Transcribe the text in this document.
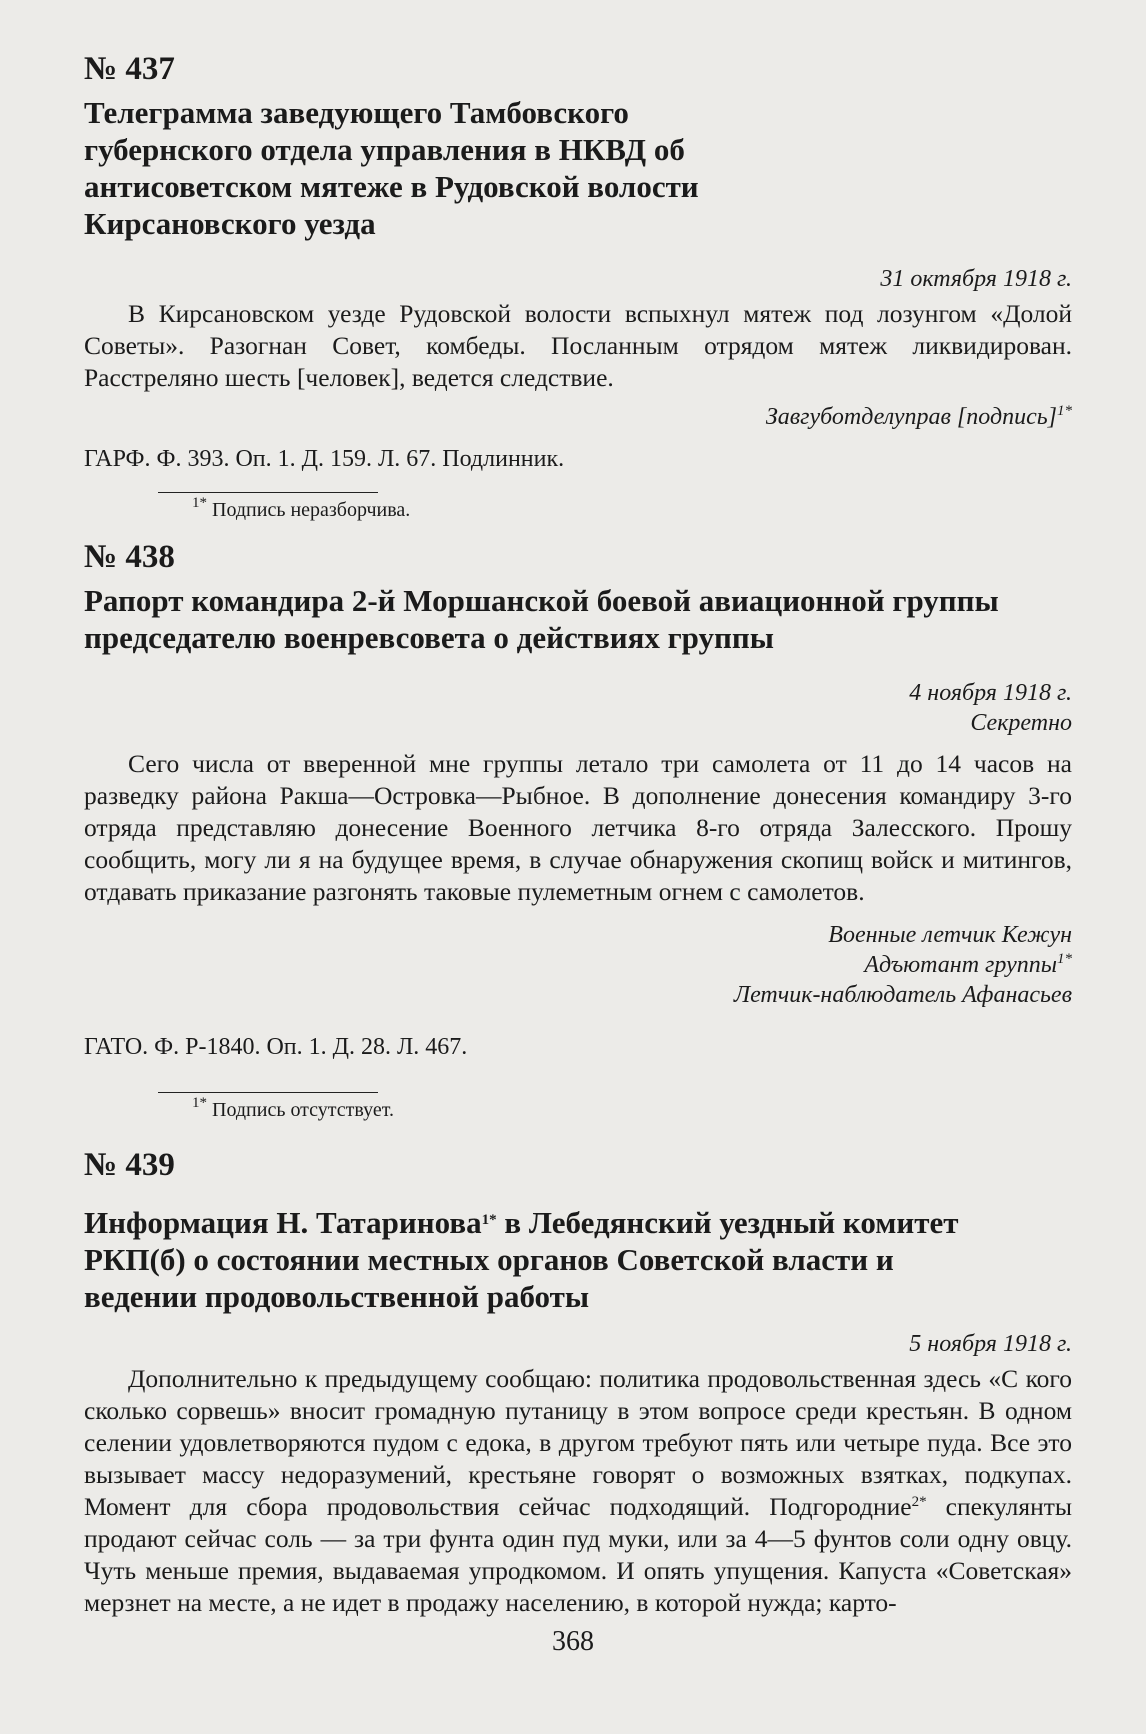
№ 437

Телеграмма заведующего Тамбовского губернского отдела управления в НКВД об антисоветском мятеже в Рудовской волости Кирсановского уезда

31 октября 1918 г.

В Кирсановском уезде Рудовской волости вспыхнул мятеж под лозунгом «Долой Советы». Разогнан Совет, комбеды. Посланным отрядом мятеж ликвидирован. Расстреляно шесть [человек], ведется следствие.

Завгуботделуправ [подпись]$^{1*}$

ГАРФ. Ф. 393. Оп. 1. Д. 159. Л. 67. Подлинник.

$^{1*}$ Подпись неразборчива.

№ 438

Рапорт командира 2-й Моршанской боевой авиационной группы председателю военревсовета о действиях группы

4 ноября 1918 г.

Секретно

Сего числа от вверенной мне группы летало три самолета от 11 до 14 часов на разведку района Ракша—Островка—Рыбное. В дополнение донесения командиру 3-го отряда представляю донесение Военного летчика 8-го отряда Залесского. Прошу сообщить, могу ли я на будущее время, в случае обнаружения скопищ войск и митингов, отдавать приказание разгонять таковые пулеметным огнем с самолетов.

Военные летчик Кежун

Адъютант группы$^{1*}$

Летчик-наблюдатель Афанасьев

ГАТО. Ф. Р-1840. Оп. 1. Д. 28. Л. 467.

$^{1*}$ Подпись отсутствует.

№ 439

Информация Н. Татаринова$^{1*}$ в Лебедянский уездный комитет РКП(б) о состоянии местных органов Советской власти и ведении продовольственной работы

5 ноября 1918 г.

Дополнительно к предыдущему сообщаю: политика продовольственная здесь «С кого сколько сорвешь» вносит громадную путаницу в этом вопросе среди крестьян. В одном селении удовлетворяются пудом с едока, в другом требуют пять или четыре пуда. Все это вызывает массу недоразумений, крестьяне говорят о возможных взятках, подкупах. Момент для сбора продовольствия сейчас подходящий. Подгородние$^{2*}$ спекулянты продают сейчас соль — за три фунта один пуд муки, или за 4—5 фунтов соли одну овцу. Чуть меньше премия, выдаваемая упродкомом. И опять упущения. Капуста «Советская» мерзнет на месте, а не идет в продажу населению, в которой нужда; карто-

368
